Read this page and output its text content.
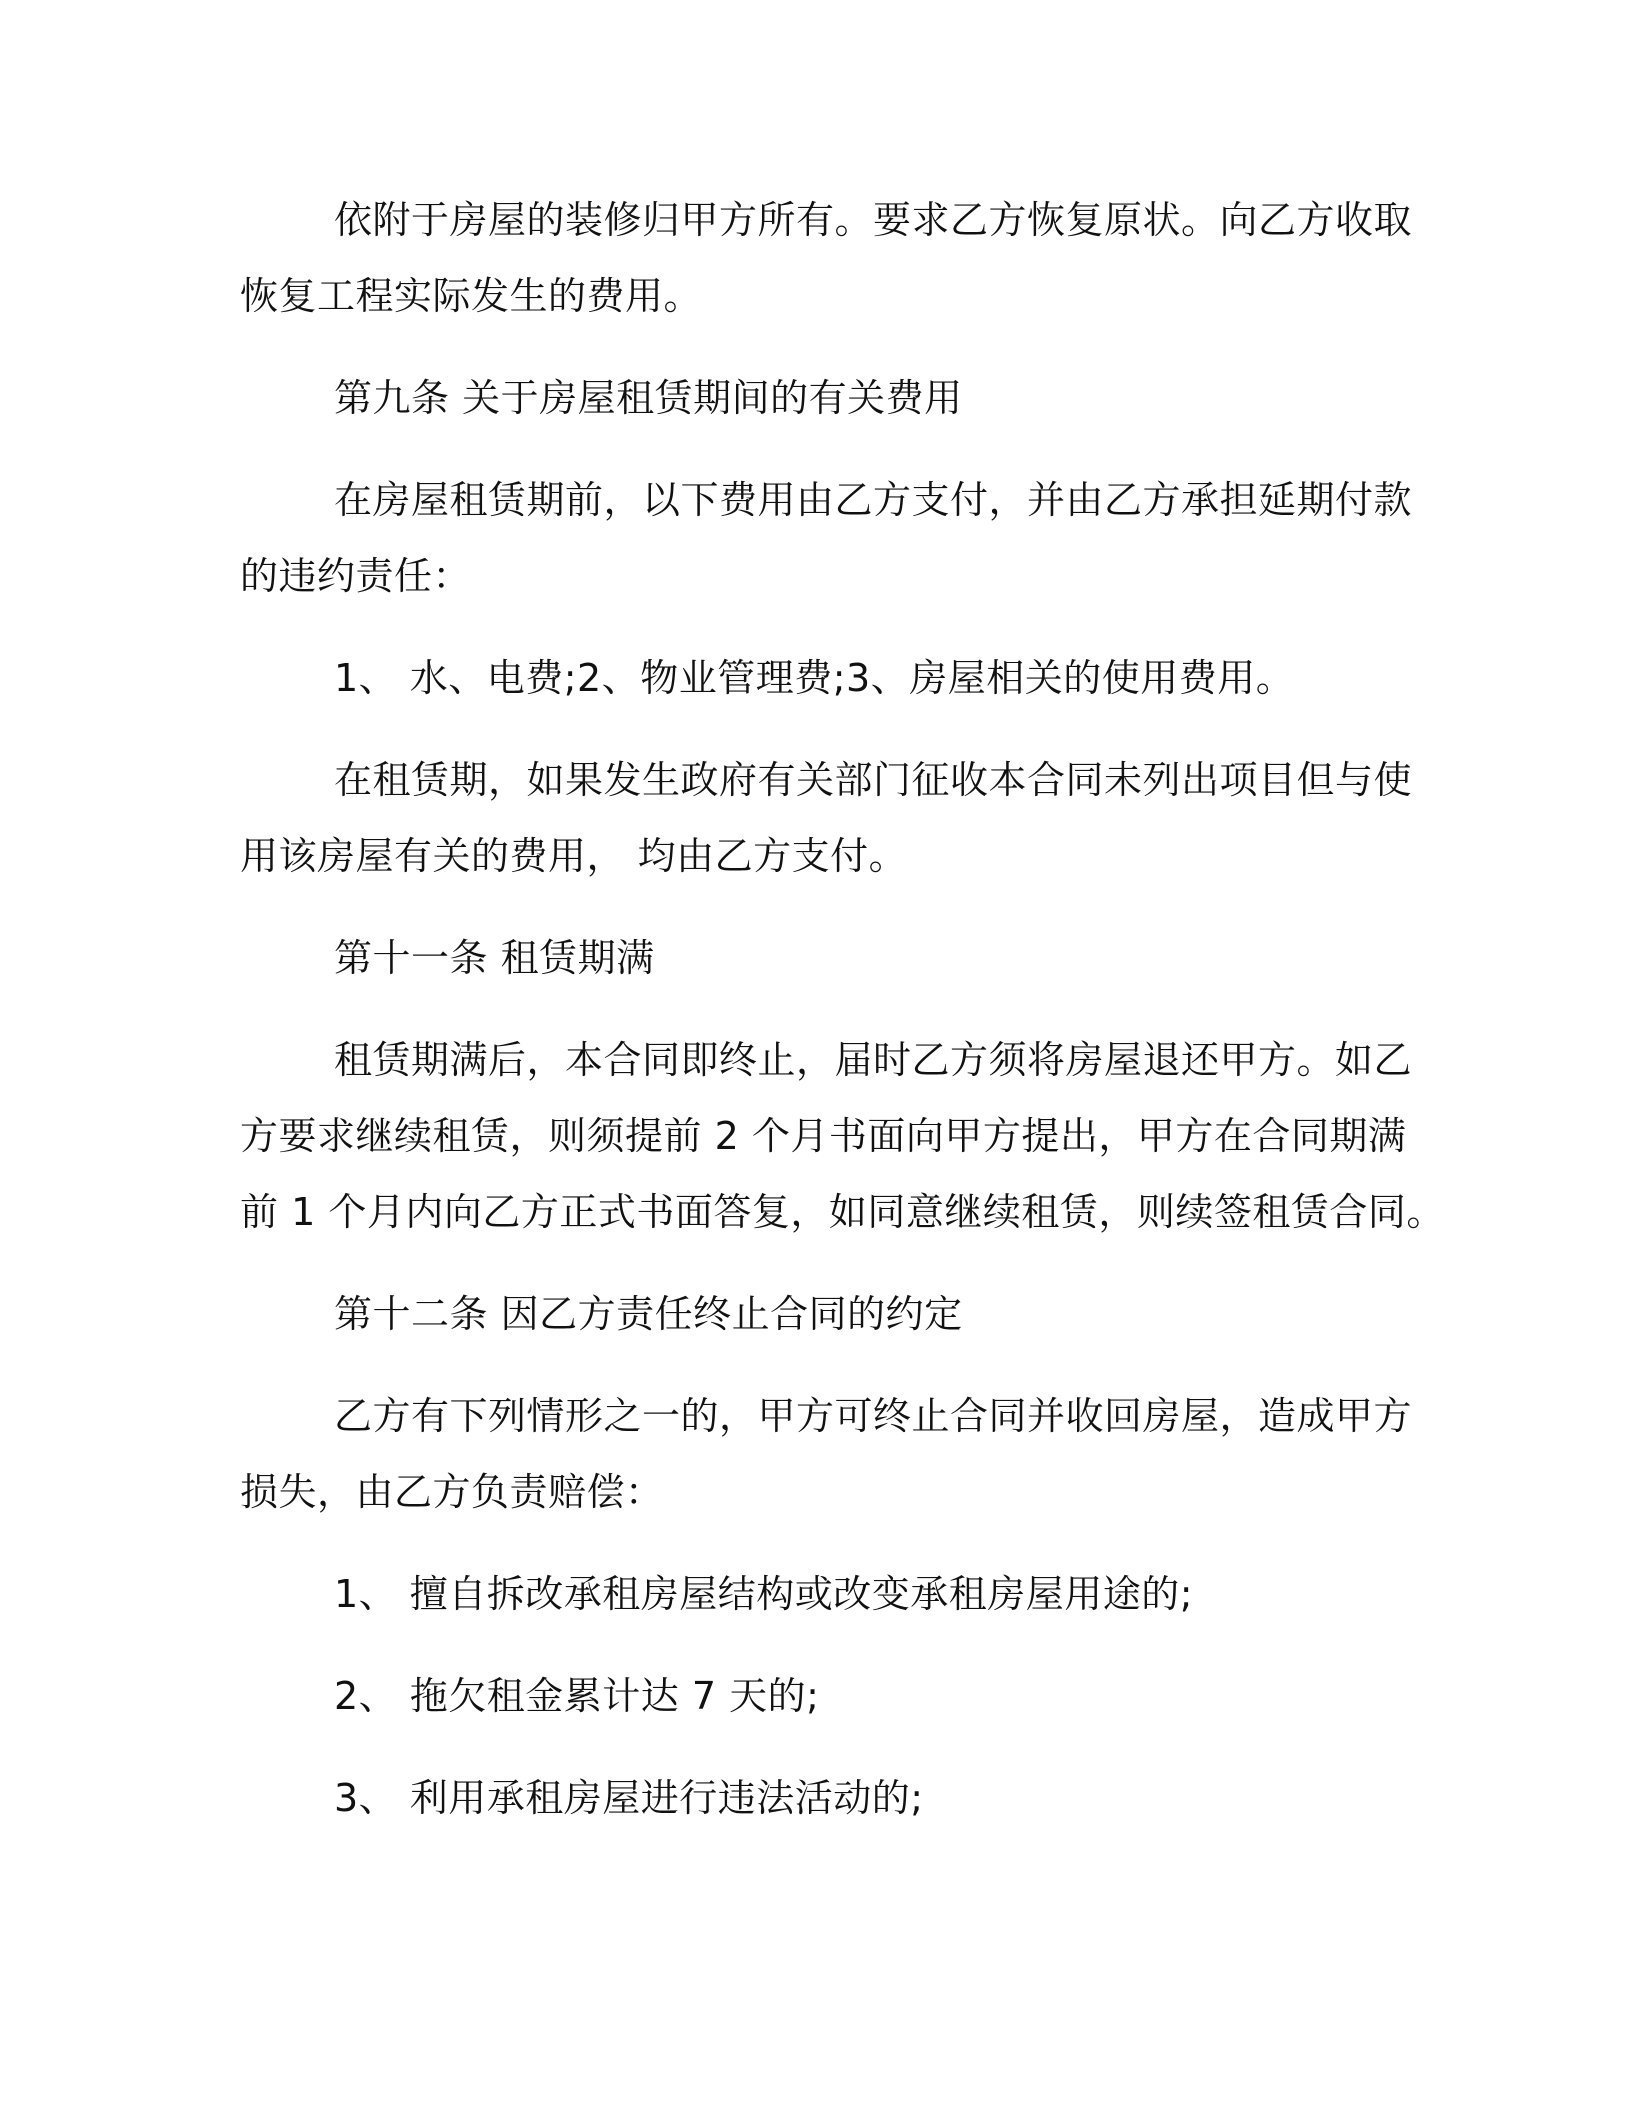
依附于房屋的装修归甲方所有。要求乙方恢复原状。向乙方收取

恢复工程实际发生的费用。

第九条 关于房屋租赁期间的有关费用

在房屋租赁期前，以下费用由乙方支付，并由乙方承担延期付款

的违约责任：

1、 水、电费;2、物业管理费;3、房屋相关的使用费用。

在租赁期，如果发生政府有关部门征收本合同未列出项目但与使

用该房屋有关的费用， 均由乙方支付。

第十一条 租赁期满

租赁期满后，本合同即终止，届时乙方须将房屋退还甲方。如乙

方要求继续租赁，则须提前 2 个月书面向甲方提出，甲方在合同期满

前 1 个月内向乙方正式书面答复，如同意继续租赁，则续签租赁合同。

第十二条 因乙方责任终止合同的约定

乙方有下列情形之一的，甲方可终止合同并收回房屋，造成甲方

损失，由乙方负责赔偿：

1、 擅自拆改承租房屋结构或改变承租房屋用途的;

2、 拖欠租金累计达 7 天的;

3、 利用承租房屋进行违法活动的;
